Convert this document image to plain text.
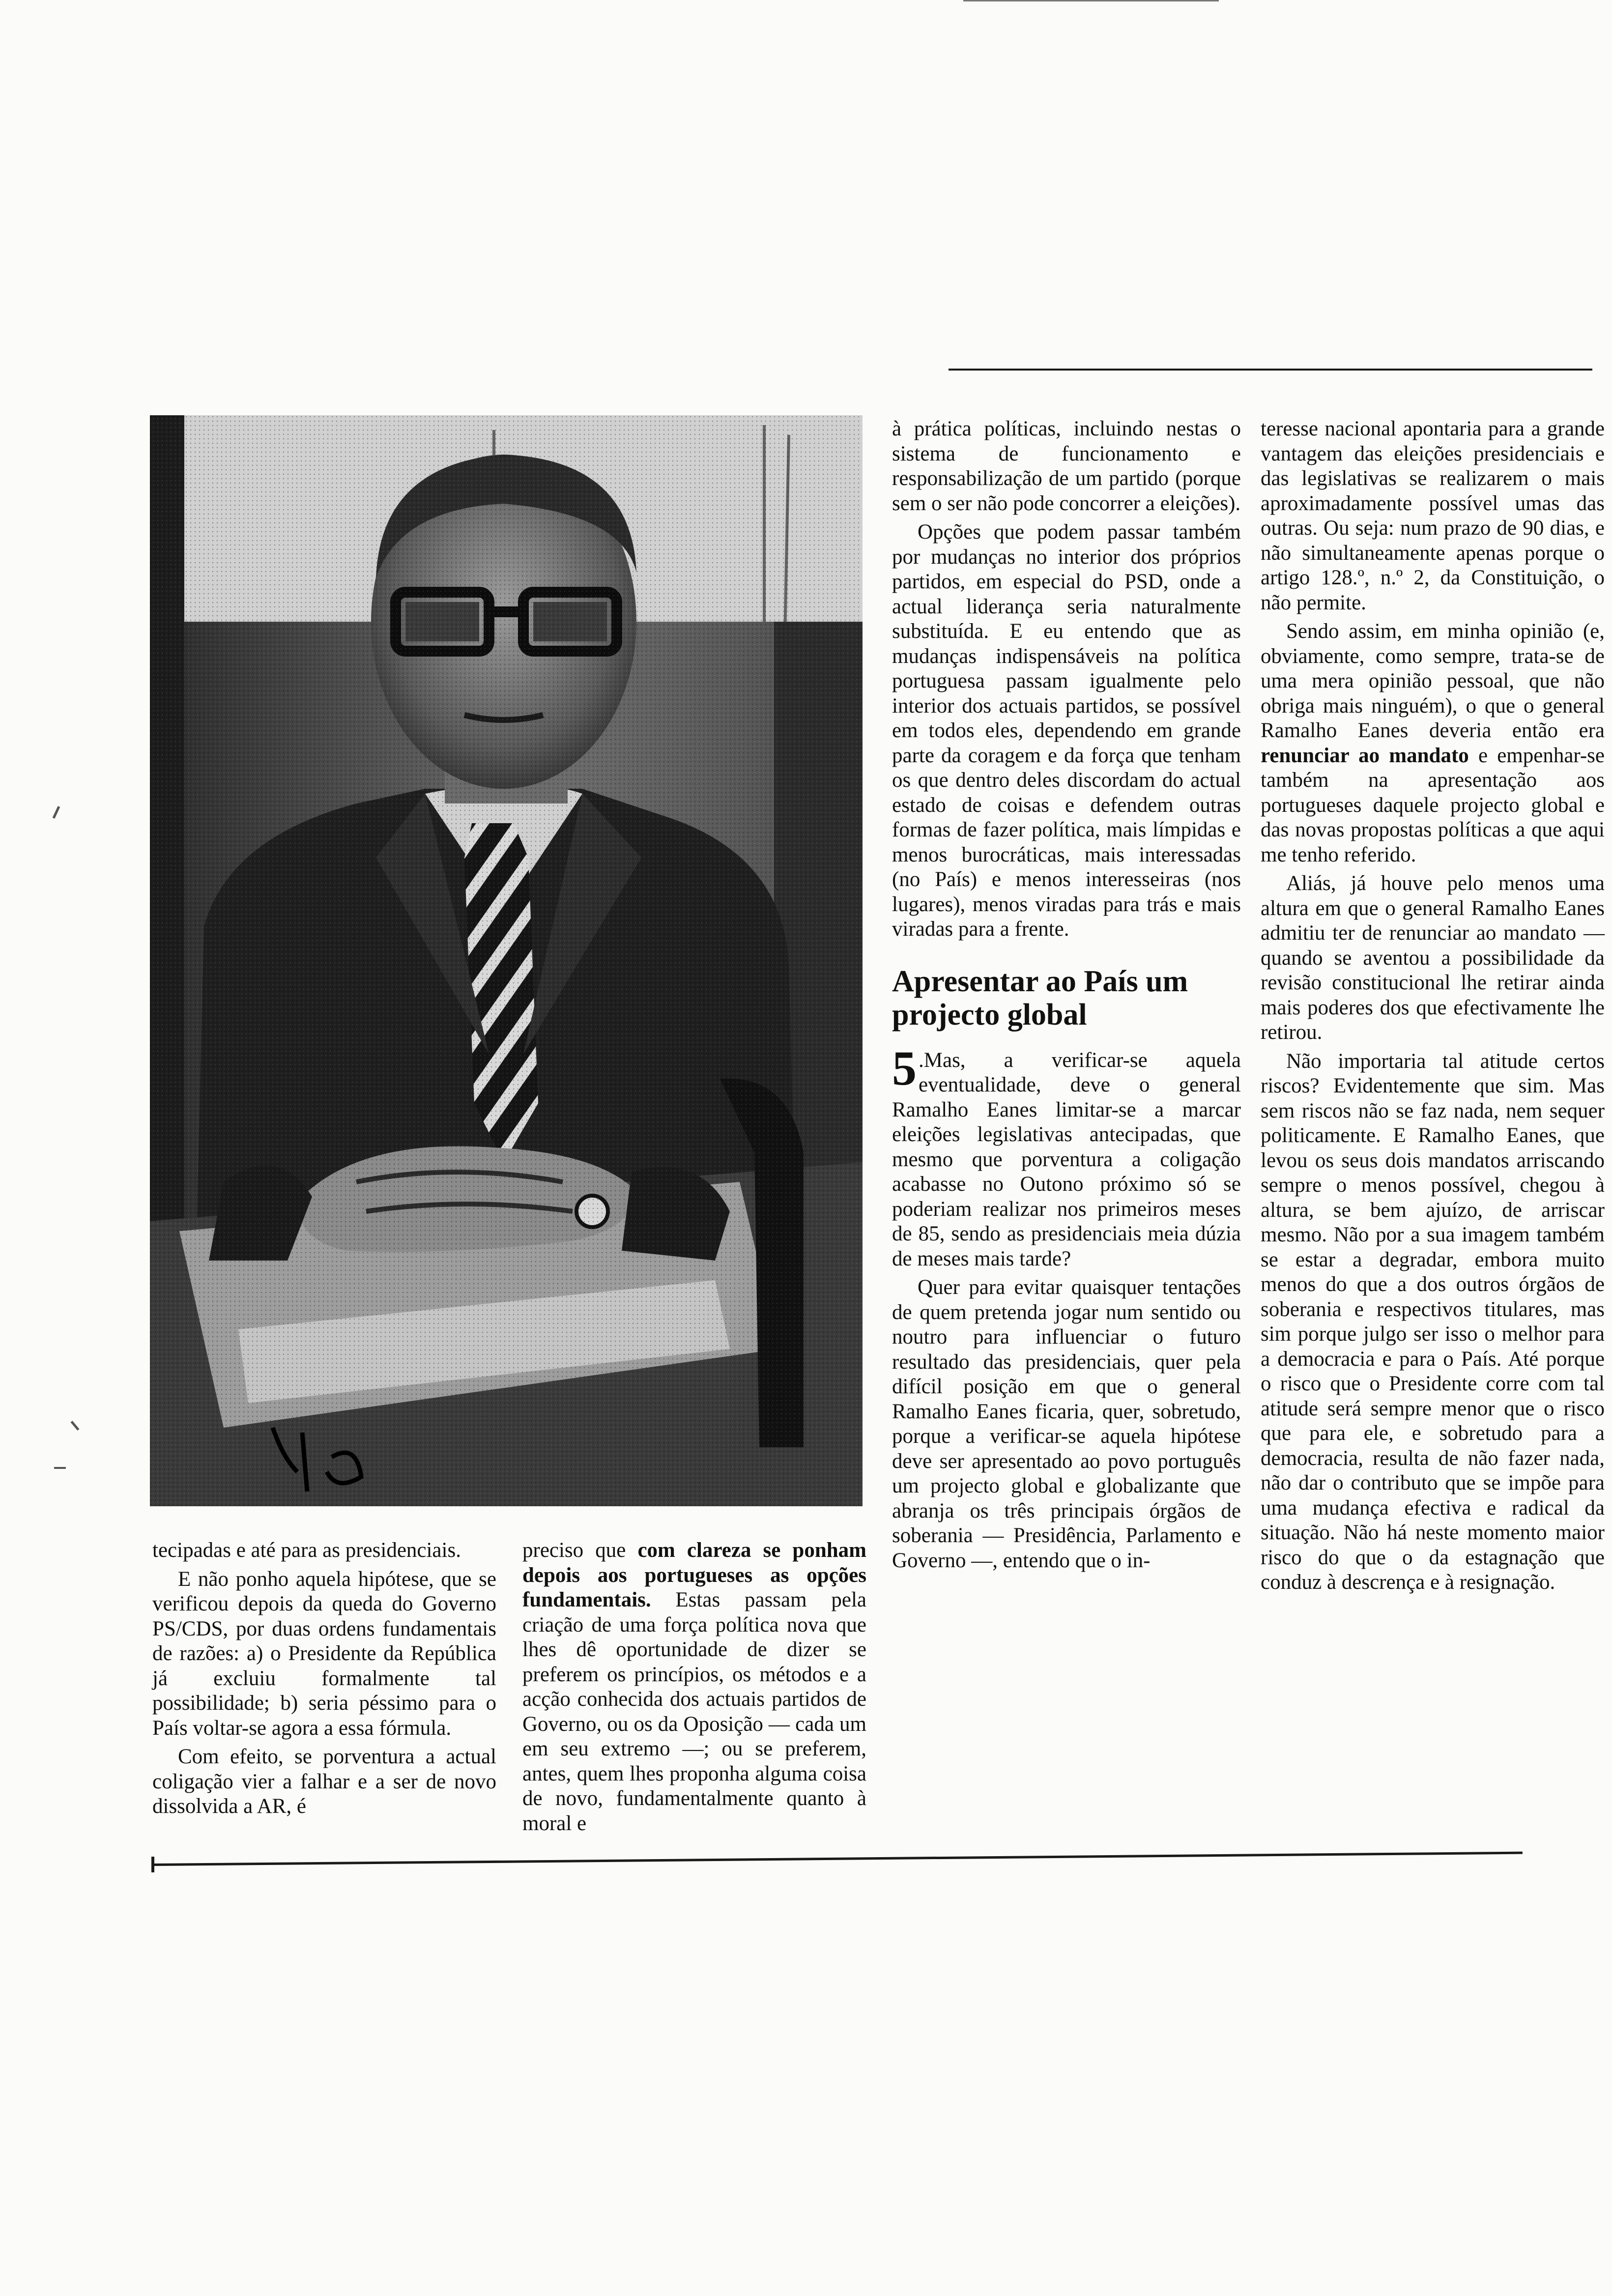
tecipadas e até para as presidenciais.

E não ponho aquela hipótese, que se verificou depois da queda do Governo PS/CDS, por duas ordens fundamentais de razões: a) o Presidente da República já excluiu formalmente tal possibilidade; b) seria péssimo para o País voltar-se agora a essa fórmula.

Com efeito, se porventura a actual coligação vier a falhar e a ser de novo dissolvida a AR, é

preciso que com clareza se ponham depois aos portugueses as opções fundamentais. Estas passam pela criação de uma força política nova que lhes dê oportunidade de dizer se preferem os princípios, os métodos e a acção conhecida dos actuais partidos de Governo, ou os da Oposição — cada um em seu extremo —; ou se preferem, antes, quem lhes proponha alguma coisa de novo, fundamentalmente quanto à moral e

à prática políticas, incluindo nestas o sistema de funcionamento e responsabilização de um partido (porque sem o ser não pode concorrer a eleições).

Opções que podem passar também por mudanças no interior dos próprios partidos, em especial do PSD, onde a actual liderança seria naturalmente substituída. E eu entendo que as mudanças indispensáveis na política portuguesa passam igualmente pelo interior dos actuais partidos, se possível em todos eles, dependendo em grande parte da coragem e da força que tenham os que dentro deles discordam do actual estado de coisas e defendem outras formas de fazer política, mais límpidas e menos burocráticas, mais interessadas (no País) e menos interesseiras (nos lugares), menos viradas para trás e mais viradas para a frente.

Apresentar ao País um projecto global

5 .Mas, a verificar-se aquela eventualidade, deve o general Ramalho Eanes limitar-se a marcar eleições legislativas antecipadas, que mesmo que porventura a coligação acabasse no Outono próximo só se poderiam realizar nos primeiros meses de 85, sendo as presidenciais meia dúzia de meses mais tarde?

Quer para evitar quaisquer tentações de quem pretenda jogar num sentido ou noutro para influenciar o futuro resultado das presidenciais, quer pela difícil posição em que o general Ramalho Eanes ficaria, quer, sobretudo, porque a verificar-se aquela hipótese deve ser apresentado ao povo português um projecto global e globalizante que abranja os três principais órgãos de soberania — Presidência, Parlamento e Governo —, entendo que o in-

teresse nacional apontaria para a grande vantagem das eleições presidenciais e das legislativas se realizarem o mais aproximadamente possível umas das outras. Ou seja: num prazo de 90 dias, e não simultaneamente apenas porque o artigo 128.º, n.º 2, da Constituição, o não permite.

Sendo assim, em minha opinião (e, obviamente, como sempre, trata-se de uma mera opinião pessoal, que não obriga mais ninguém), o que o general Ramalho Eanes deveria então era renunciar ao mandato e empenhar-se também na apresentação aos portugueses daquele projecto global e das novas propostas políticas a que aqui me tenho referido.

Aliás, já houve pelo menos uma altura em que o general Ramalho Eanes admitiu ter de renunciar ao mandato — quando se aventou a possibilidade da revisão constitucional lhe retirar ainda mais poderes dos que efectivamente lhe retirou.

Não importaria tal atitude certos riscos? Evidentemente que sim. Mas sem riscos não se faz nada, nem sequer politicamente. E Ramalho Eanes, que levou os seus dois mandatos arriscando sempre o menos possível, chegou à altura, se bem ajuízo, de arriscar mesmo. Não por a sua imagem também se estar a degradar, embora muito menos do que a dos outros órgãos de soberania e respectivos titulares, mas sim porque julgo ser isso o melhor para a democracia e para o País. Até porque o risco que o Presidente corre com tal atitude será sempre menor que o risco que para ele, e sobretudo para a democracia, resulta de não fazer nada, não dar o contributo que se impõe para uma mudança efectiva e radical da situação. Não há neste momento maior risco do que o da estagnação que conduz à descrença e à resignação.
